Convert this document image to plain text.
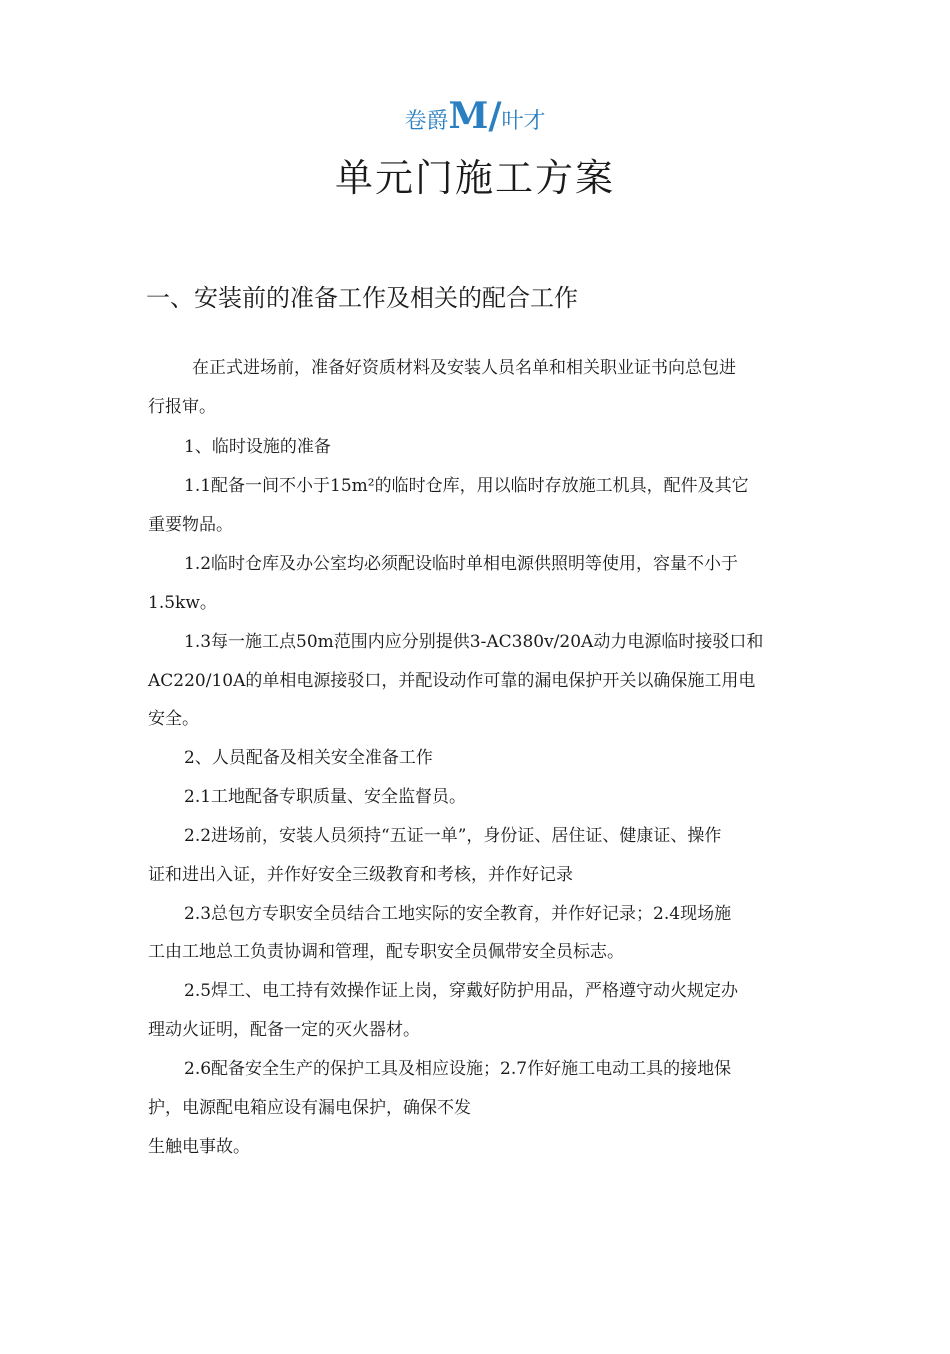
卷爵M/叶才
单元门施工方案
一、安装前的准备工作及相关的配合工作
在正式进场前，准备好资质材料及安装人员名单和相关职业证书向总包进
行报审。
1、临时设施的准备
1.1配备一间不小于15m²的临时仓库，用以临时存放施工机具，配件及其它
重要物品。
1.2临时仓库及办公室均必须配设临时单相电源供照明等使用，容量不小于
1.5kw。
1.3每一施工点50m范围内应分别提供3-AC380v/20A动力电源临时接驳口和
AC220/10A的单相电源接驳口，并配设动作可靠的漏电保护开关以确保施工用电
安全。
2、人员配备及相关安全准备工作
2.1工地配备专职质量、安全监督员。
2.2进场前，安装人员须持“五证一单”，身份证、居住证、健康证、操作
证和进出入证，并作好安全三级教育和考核，并作好记录
2.3总包方专职安全员结合工地实际的安全教育，并作好记录；2.4现场施
工由工地总工负责协调和管理，配专职安全员佩带安全员标志。
2.5焊工、电工持有效操作证上岗，穿戴好防护用品，严格遵守动火规定办
理动火证明，配备一定的灭火器材。
2.6配备安全生产的保护工具及相应设施；2.7作好施工电动工具的接地保
护，电源配电箱应设有漏电保护，确保不发
生触电事故。
